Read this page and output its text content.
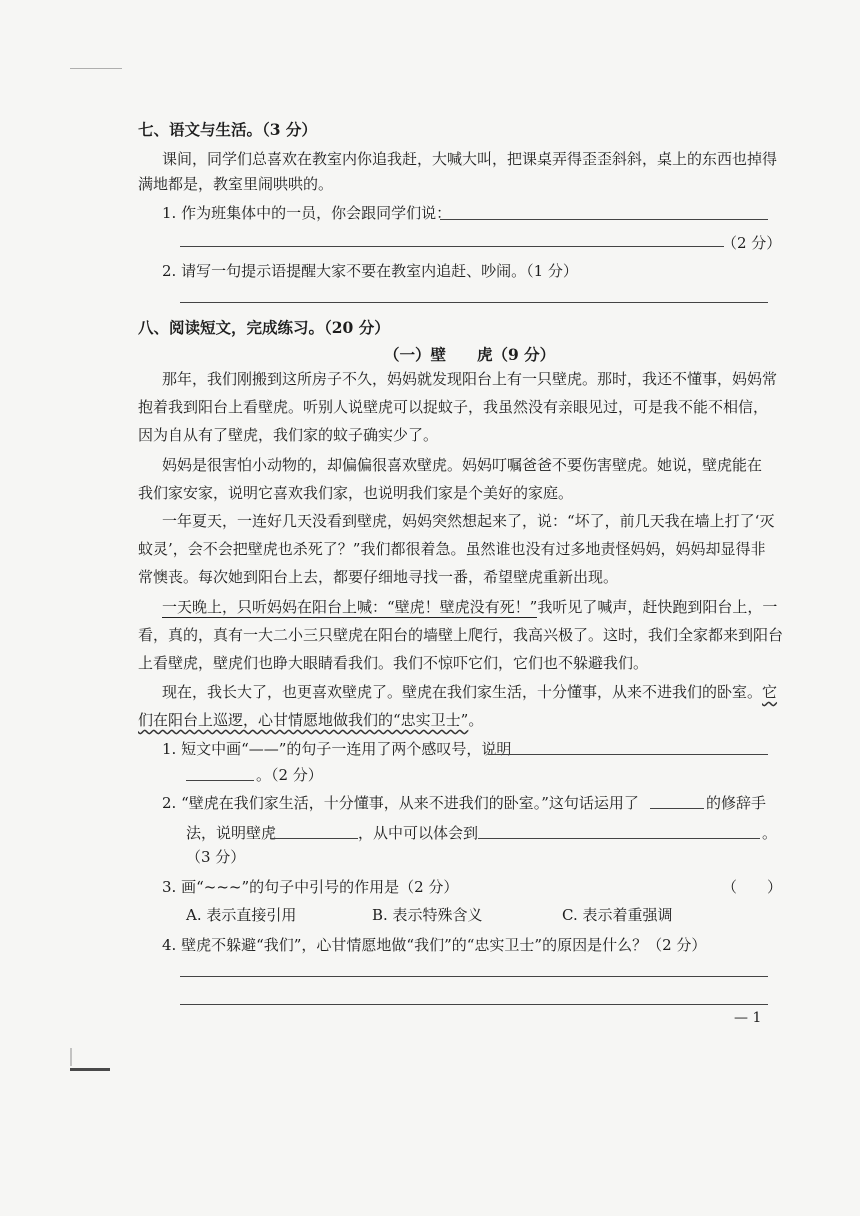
七、语文与生活。（3 分）
课间，同学们总喜欢在教室内你追我赶，大喊大叫，把课桌弄得歪歪斜斜，桌上的东西也掉得
满地都是，教室里闹哄哄的。
1. 作为班集体中的一员，你会跟同学们说：
（2 分）
2. 请写一句提示语提醒大家不要在教室内追赶、吵闹。（1 分）
八、阅读短文，完成练习。（20 分）
（一）壁　　虎（9 分）
那年，我们刚搬到这所房子不久，妈妈就发现阳台上有一只壁虎。那时，我还不懂事，妈妈常
抱着我到阳台上看壁虎。听别人说壁虎可以捉蚊子，我虽然没有亲眼见过，可是我不能不相信，
因为自从有了壁虎，我们家的蚊子确实少了。
妈妈是很害怕小动物的，却偏偏很喜欢壁虎。妈妈叮嘱爸爸不要伤害壁虎。她说，壁虎能在
我们家安家，说明它喜欢我们家，也说明我们家是个美好的家庭。
一年夏天，一连好几天没看到壁虎，妈妈突然想起来了，说：“坏了，前几天我在墙上打了‘灭
蚊灵’，会不会把壁虎也杀死了？”我们都很着急。虽然谁也没有过多地责怪妈妈，妈妈却显得非
常懊丧。每次她到阳台上去，都要仔细地寻找一番，希望壁虎重新出现。
一天晚上，只听妈妈在阳台上喊：“壁虎！壁虎没有死！”我听见了喊声，赶快跑到阳台上，一
看，真的，真有一大二小三只壁虎在阳台的墙壁上爬行，我高兴极了。这时，我们全家都来到阳台
上看壁虎，壁虎们也睁大眼睛看我们。我们不惊吓它们，它们也不躲避我们。
现在，我长大了，也更喜欢壁虎了。壁虎在我们家生活，十分懂事，从来不进我们的卧室。它
们在阳台上巡逻，心甘情愿地做我们的“忠实卫士”。
1. 短文中画“——”的句子一连用了两个感叹号，说明
。（2 分）
2. “壁虎在我们家生活，十分懂事，从来不进我们的卧室。”这句话运用了	的修辞手
法，说明壁虎	，从中可以体会到	。
（3 分）
3. 画“~~~”的句子中引号的作用是（2 分）	（　　）
A. 表示直接引用	B. 表示特殊含义	C. 表示着重强调
4. 壁虎不躲避“我们”，心甘情愿地做“我们”的“忠实卫士”的原因是什么？（2 分）
— 1
